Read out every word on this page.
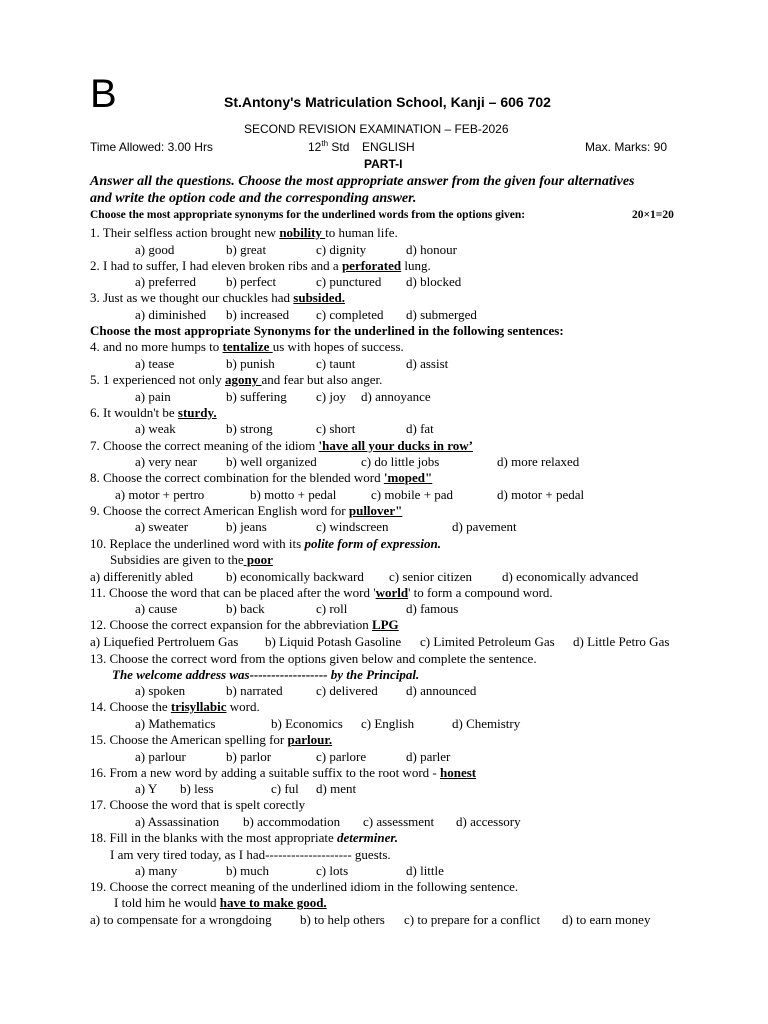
B	St.Antony's Matriculation School, Kanji – 606 702
SECOND REVISION EXAMINATION – FEB-2026
Time Allowed: 3.00 Hrs	12th Std ENGLISH	Max. Marks: 90
PART-I
Answer all the questions. Choose the most appropriate answer from the given four alternatives
and write the option code and the corresponding answer.
Choose the most appropriate synonyms for the underlined words from the options given:	20×1=20
1. Their selfless action brought new nobility to human life.
a) good	b) great	c) dignity	d) honour
2. I had to suffer, I had eleven broken ribs and a perforated lung.
a) preferred b) perfect	c) punctured d) blocked
3. Just as we thought our chuckles had subsided.
a) diminished b) increased c) completed d) submerged
Choose the most appropriate Synonyms for the underlined in the following sentences:
4. and no more humps to tentalize us with hopes of success.
a) tease	b) punish	c) taunt	d) assist
5. 1 experienced not only agony and fear but also anger.
a) pain	b) suffering c) joy d) annoyance
6. It wouldn't be sturdy.
a) weak	b) strong	c) short	d) fat
7. Choose the correct meaning of the idiom 'have all your ducks in row’
a) very near b) well organized	c) do little jobs	d) more relaxed
8. Choose the correct combination for the blended word 'moped"
a) motor + pertro	b) motto + pedal	c) mobile + pad	d) motor + pedal
9. Choose the correct American English word for pullover"
a) sweater	b) jeans	c) windscreen	d) pavement
10. Replace the underlined word with its polite form of expression.
Subsidies are given to the poor
a) differenitly abled	b) economically backward c) senior citizen d) economically advanced
11. Choose the word that can be placed after the word 'world' to form a compound word.
a) cause	b) back	c) roll	d) famous
12. Choose the correct expansion for the abbreviation LPG
a) Liquefied Pertroluem Gas b) Liquid Potash Gasoline c) Limited Petroleum Gas d) Little Petro Gas
13. Choose the correct word from the options given below and complete the sentence.
The welcome address was------------------ by the Principal.
a) spoken	b) narrated	c) delivered d) announced
14. Choose the trisyllabic word.
a) Mathematics	b) Economics c) English	d) Chemistry
15. Choose the American spelling for parlour.
a) parlour	b) parlor	c) parlore	d) parler
16. From a new word by adding a suitable suffix to the root word - honest
a) Y b) less	c) ful d) ment
17. Choose the word that is spelt corectly
a) Assassination b) accommodation c) assessment d) accessory
18. Fill in the blanks with the most appropriate determiner.
I am very tired today, as I had-------------------- guests.
a) many	b) much	c) lots	d) little
19. Choose the correct meaning of the underlined idiom in the following sentence.
I told him he would have to make good.
a) to compensate for a wrongdoing b) to help others c) to prepare for a conflict d) to earn money
